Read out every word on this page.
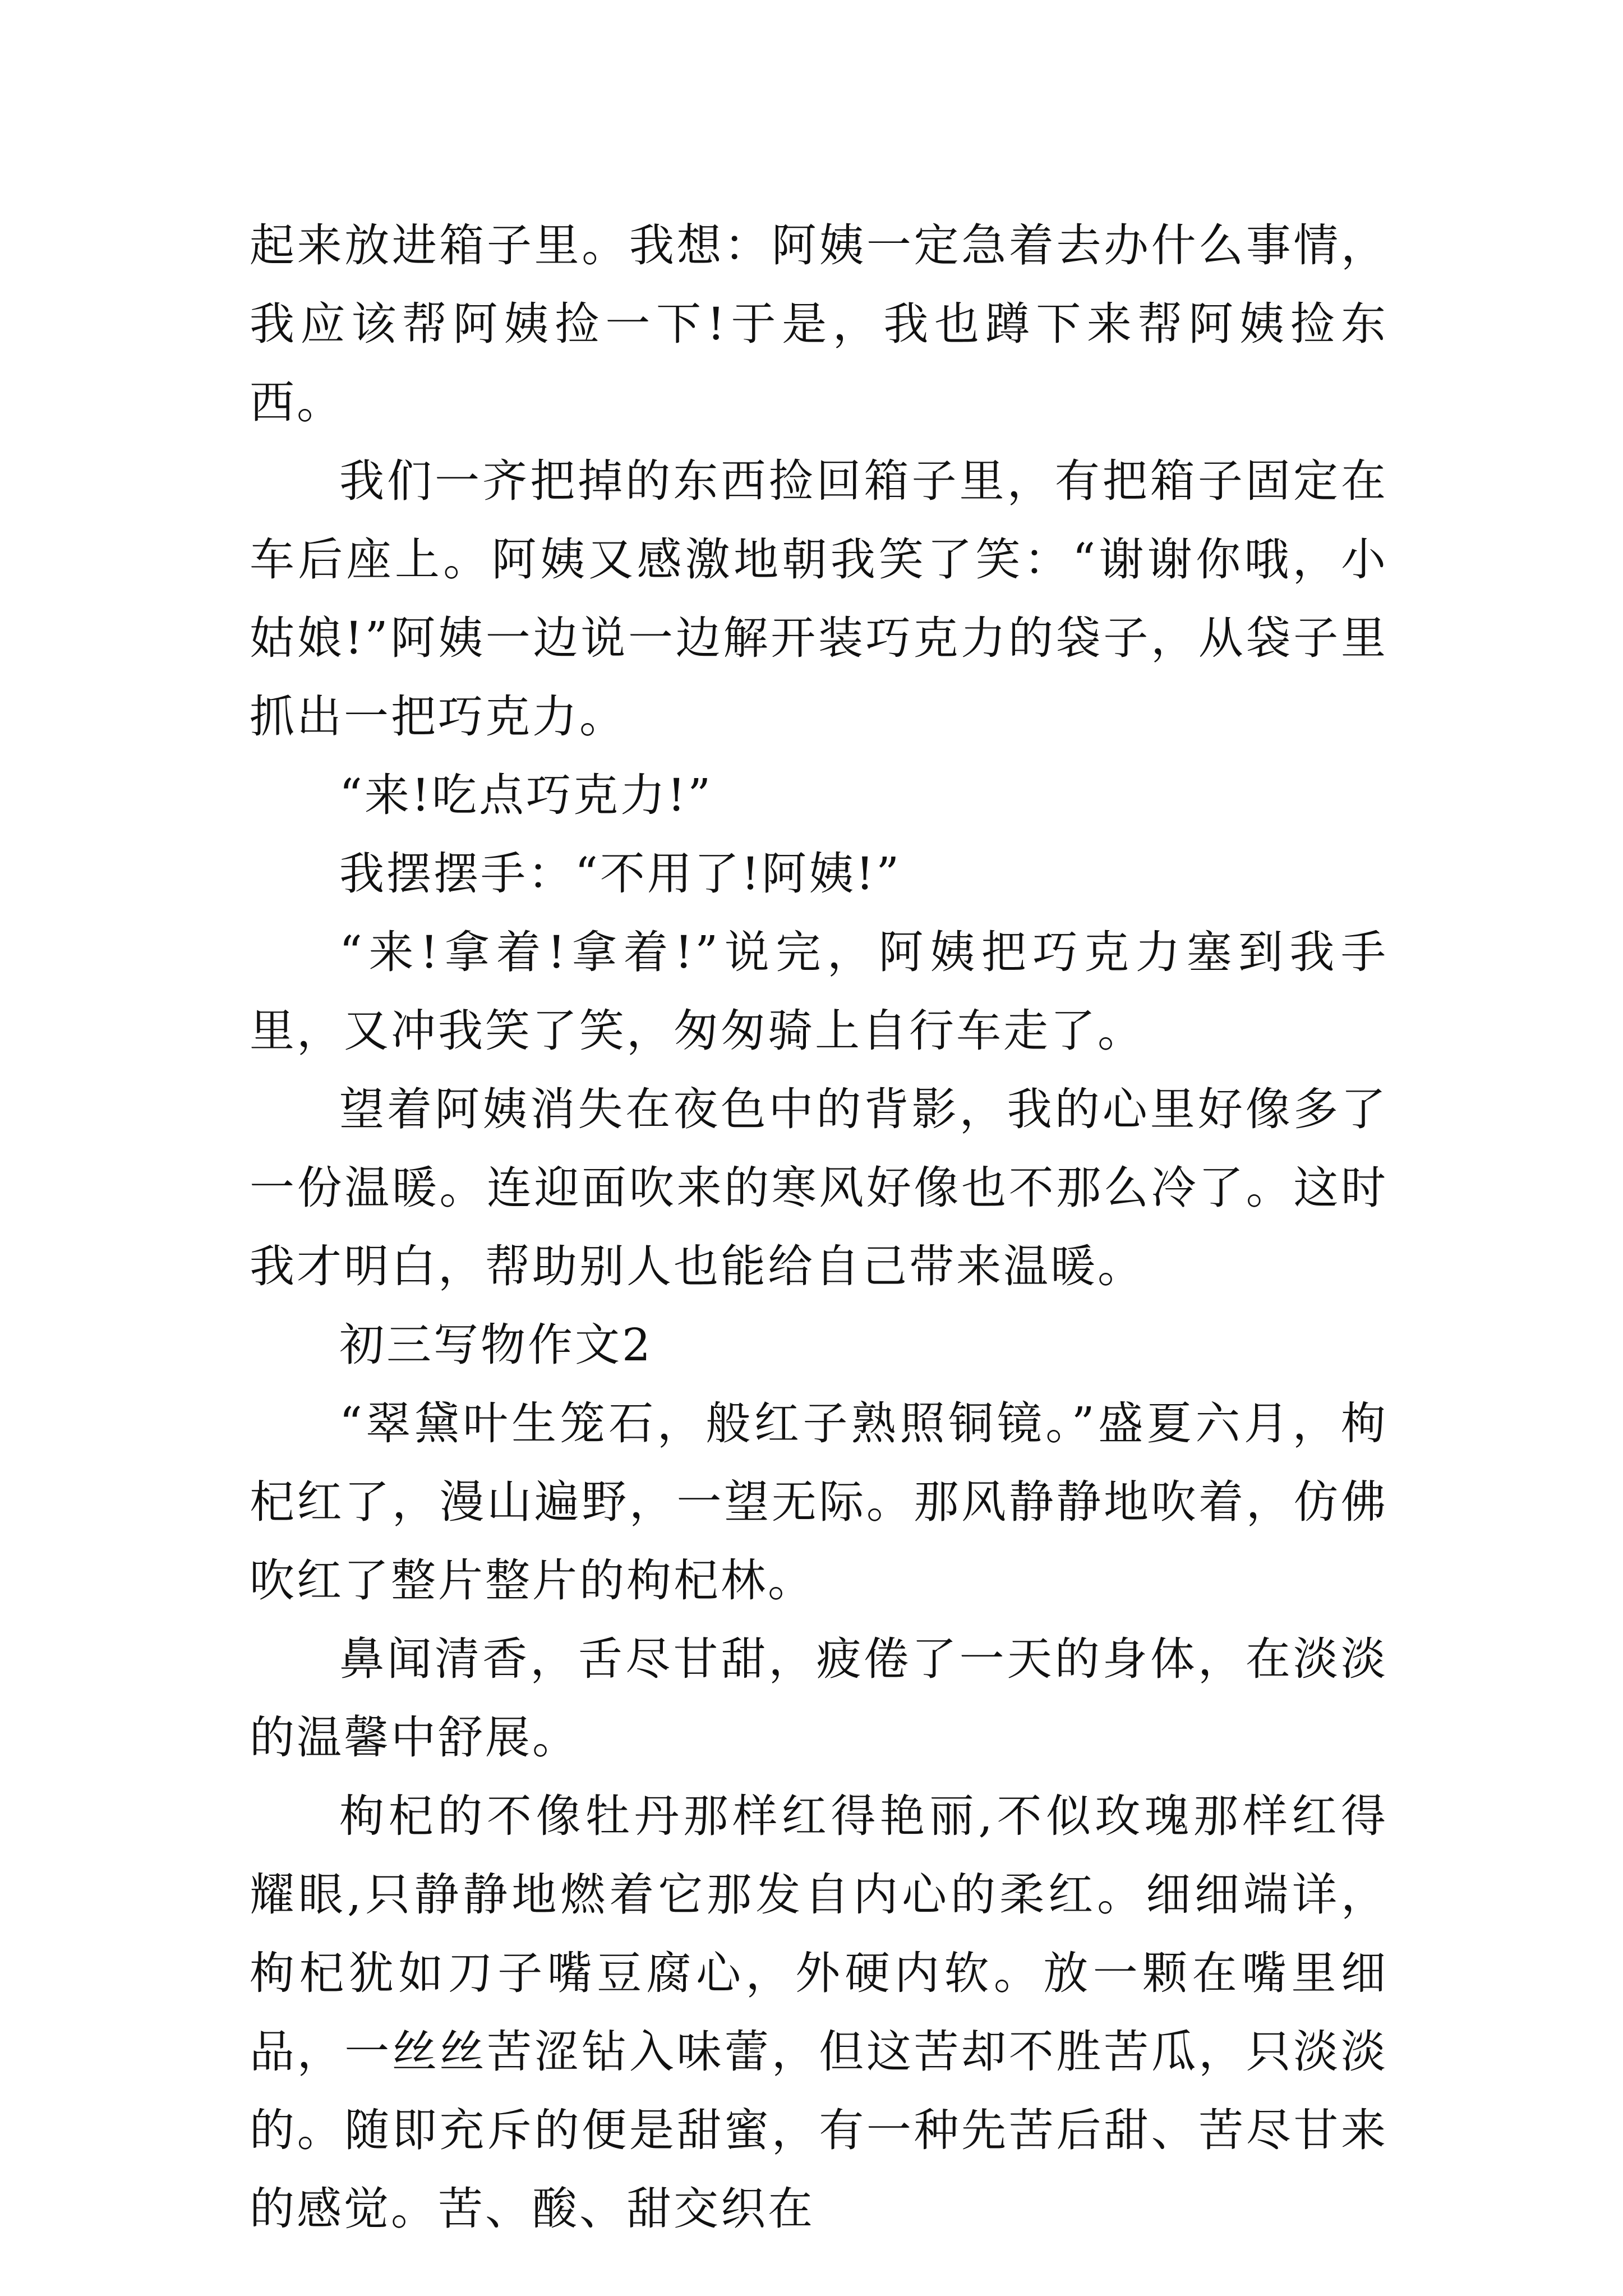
起来放进箱子里。我想：阿姨一定急着去办什么事情，我应该帮阿姨捡一下!于是，我也蹲下来帮阿姨捡东西。

我们一齐把掉的东西捡回箱子里，有把箱子固定在车后座上。阿姨又感激地朝我笑了笑：“谢谢你哦，小姑娘!”阿姨一边说一边解开装巧克力的袋子，从袋子里抓出一把巧克力。

“来!吃点巧克力!”

我摆摆手：“不用了!阿姨!”

“来!拿着!拿着!”说完，阿姨把巧克力塞到我手里，又冲我笑了笑，匆匆骑上自行车走了。

望着阿姨消失在夜色中的背影，我的心里好像多了一份温暖。连迎面吹来的寒风好像也不那么冷了。这时我才明白，帮助别人也能给自己带来温暖。

初三写物作文2

“翠黛叶生笼石，般红子熟照铜镜。”盛夏六月，枸杞红了，漫山遍野，一望无际。那风静静地吹着，仿佛吹红了整片整片的枸杞林。

鼻闻清香，舌尽甘甜，疲倦了一天的身体，在淡淡的温馨中舒展。

枸杞的不像牡丹那样红得艳丽,不似玫瑰那样红得耀眼,只静静地燃着它那发自内心的柔红。细细端详，枸杞犹如刀子嘴豆腐心，外硬内软。放一颗在嘴里细品，一丝丝苦涩钻入味蕾，但这苦却不胜苦瓜，只淡淡的。随即充斥的便是甜蜜，有一种先苦后甜、苦尽甘来的感觉。苦、酸、甜交织在
